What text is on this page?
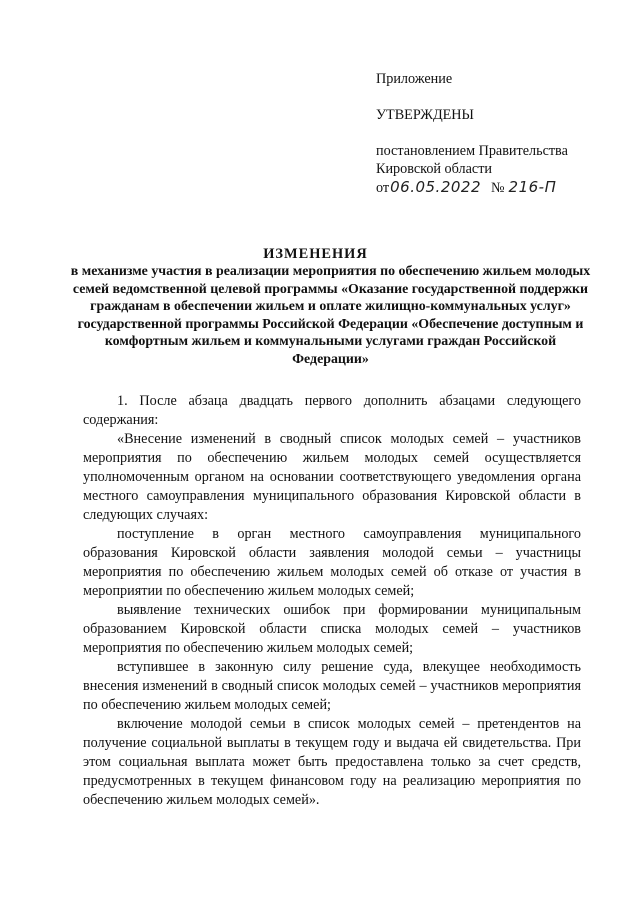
Приложение
УТВЕРЖДЕНЫ
постановлением Правительства
Кировской области
от06.05.2022 № 216-П
ИЗМЕНЕНИЯ
в механизме участия в реализации мероприятия по обеспечению жильем молодых семей ведомственной целевой программы «Оказание государственной поддержки гражданам в обеспечении жильем и оплате жилищно-коммунальных услуг» государственной программы Российской Федерации «Обеспечение доступным и комфортным жильем и коммунальными услугами граждан Российской Федерации»

1. После абзаца двадцать первого дополнить абзацами следующего содержания:

«Внесение изменений в сводный список молодых семей – участников мероприятия по обеспечению жильем молодых семей осуществляется уполномоченным органом на основании соответствующего уведомления органа местного самоуправления муниципального образования Кировской области в следующих случаях:

поступление в орган местного самоуправления муниципального образования Кировской области заявления молодой семьи – участницы мероприятия по обеспечению жильем молодых семей об отказе от участия в мероприятии по обеспечению жильем молодых семей;

выявление технических ошибок при формировании муниципальным образованием Кировской области списка молодых семей – участников мероприятия по обеспечению жильем молодых семей;

вступившее в законную силу решение суда, влекущее необходимость внесения изменений в сводный список молодых семей – участников мероприятия по обеспечению жильем молодых семей;

включение молодой семьи в список молодых семей – претендентов на получение социальной выплаты в текущем году и выдача ей свидетельства. При этом социальная выплата может быть предоставлена только за счет средств, предусмотренных в текущем финансовом году на реализацию мероприятия по обеспечению жильем молодых семей».
